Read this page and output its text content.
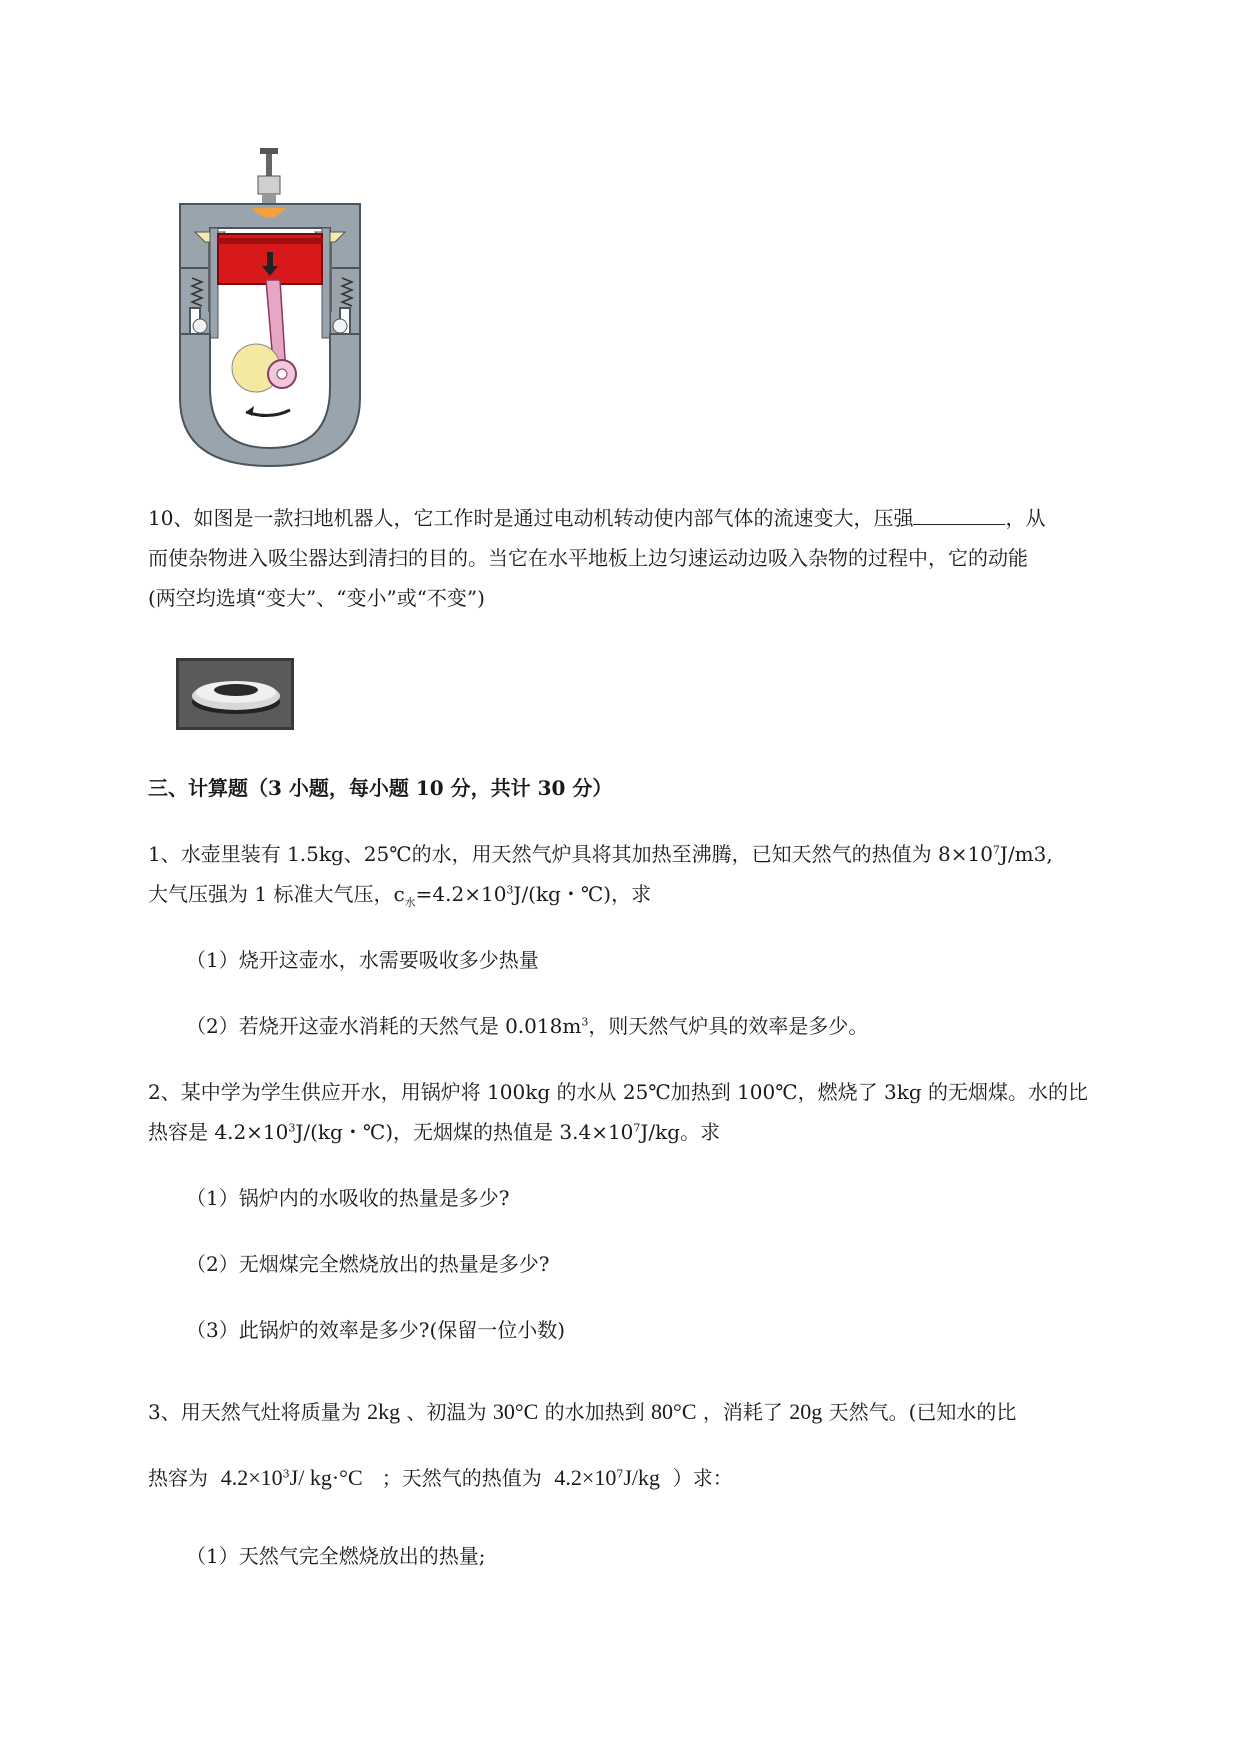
10、如图是一款扫地机器人，它工作时是通过电动机转动使内部气体的流速变大，压强	，从
而使杂物进入吸尘器达到清扫的目的。当它在水平地板上边匀速运动边吸入杂物的过程中，它的动能
(两空均选填“变大”、“变小”或“不变”)
三、计算题（3 小题，每小题 10 分，共计 30 分）
1、水壶里装有 1.5kg、25℃的水，用天然气炉具将其加热至沸腾，已知天然气的热值为 $8\times 10^7J/m3$,
大气压强为 1 标准大气压，$c_水=4.2\times 10^3J/(kg$・℃)，求
（1）烧开这壶水，水需要吸收多少热量
（2）若烧开这壶水消耗的天然气是 $0.018m^3$，则天然气炉具的效率是多少。
2、某中学为学生供应开水，用锅炉将 100kg 的水从 25℃加热到 100℃，燃烧了 3kg 的无烟煤。水的比
热容是 $4.2\times 10^3J/(kg$・℃)，无烟煤的热值是 $3.4\times 10^7J/kg$。求
（1）锅炉内的水吸收的热量是多少?
（2）无烟煤完全燃烧放出的热量是多少?
（3）此锅炉的效率是多少?(保留一位小数)
3、用天然气灶将质量为 2kg 、初温为 30°C 的水加热到 80°C ，消耗了 20g 天然气。(已知水的比
热容为 $4.2\times 10^3J/$ kg·°C ；天然气的热值为 $4.2\times 10^7J/kg$ ）求：
（1）天然气完全燃烧放出的热量;
